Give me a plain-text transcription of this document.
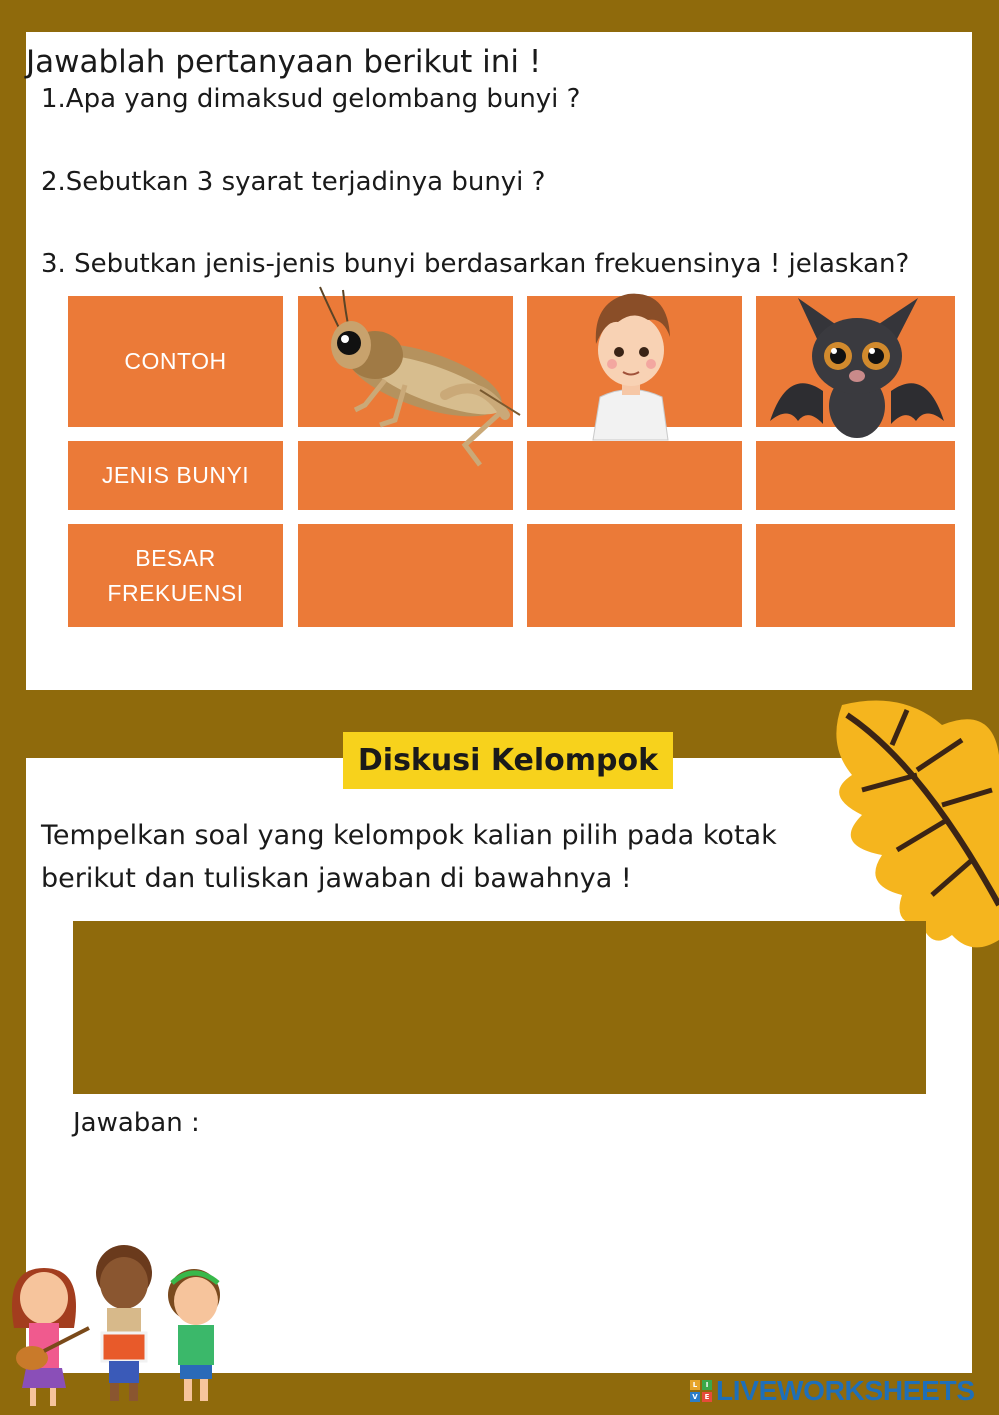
Jawablah pertanyaan berikut ini !
1.Apa yang dimaksud gelombang bunyi ?
2.Sebutkan 3 syarat terjadinya bunyi ?
3. Sebutkan jenis-jenis bunyi berdasarkan frekuensinya ! jelaskan?
CONTOH
JENIS BUNYI
BESAR
FREKUENSI
Diskusi Kelompok
Tempelkan soal yang kelompok kalian pilih pada kotak berikut dan tuliskan jawaban di bawahnya !
Jawaban :
L	I
V E LIVEWORKSHEETS
